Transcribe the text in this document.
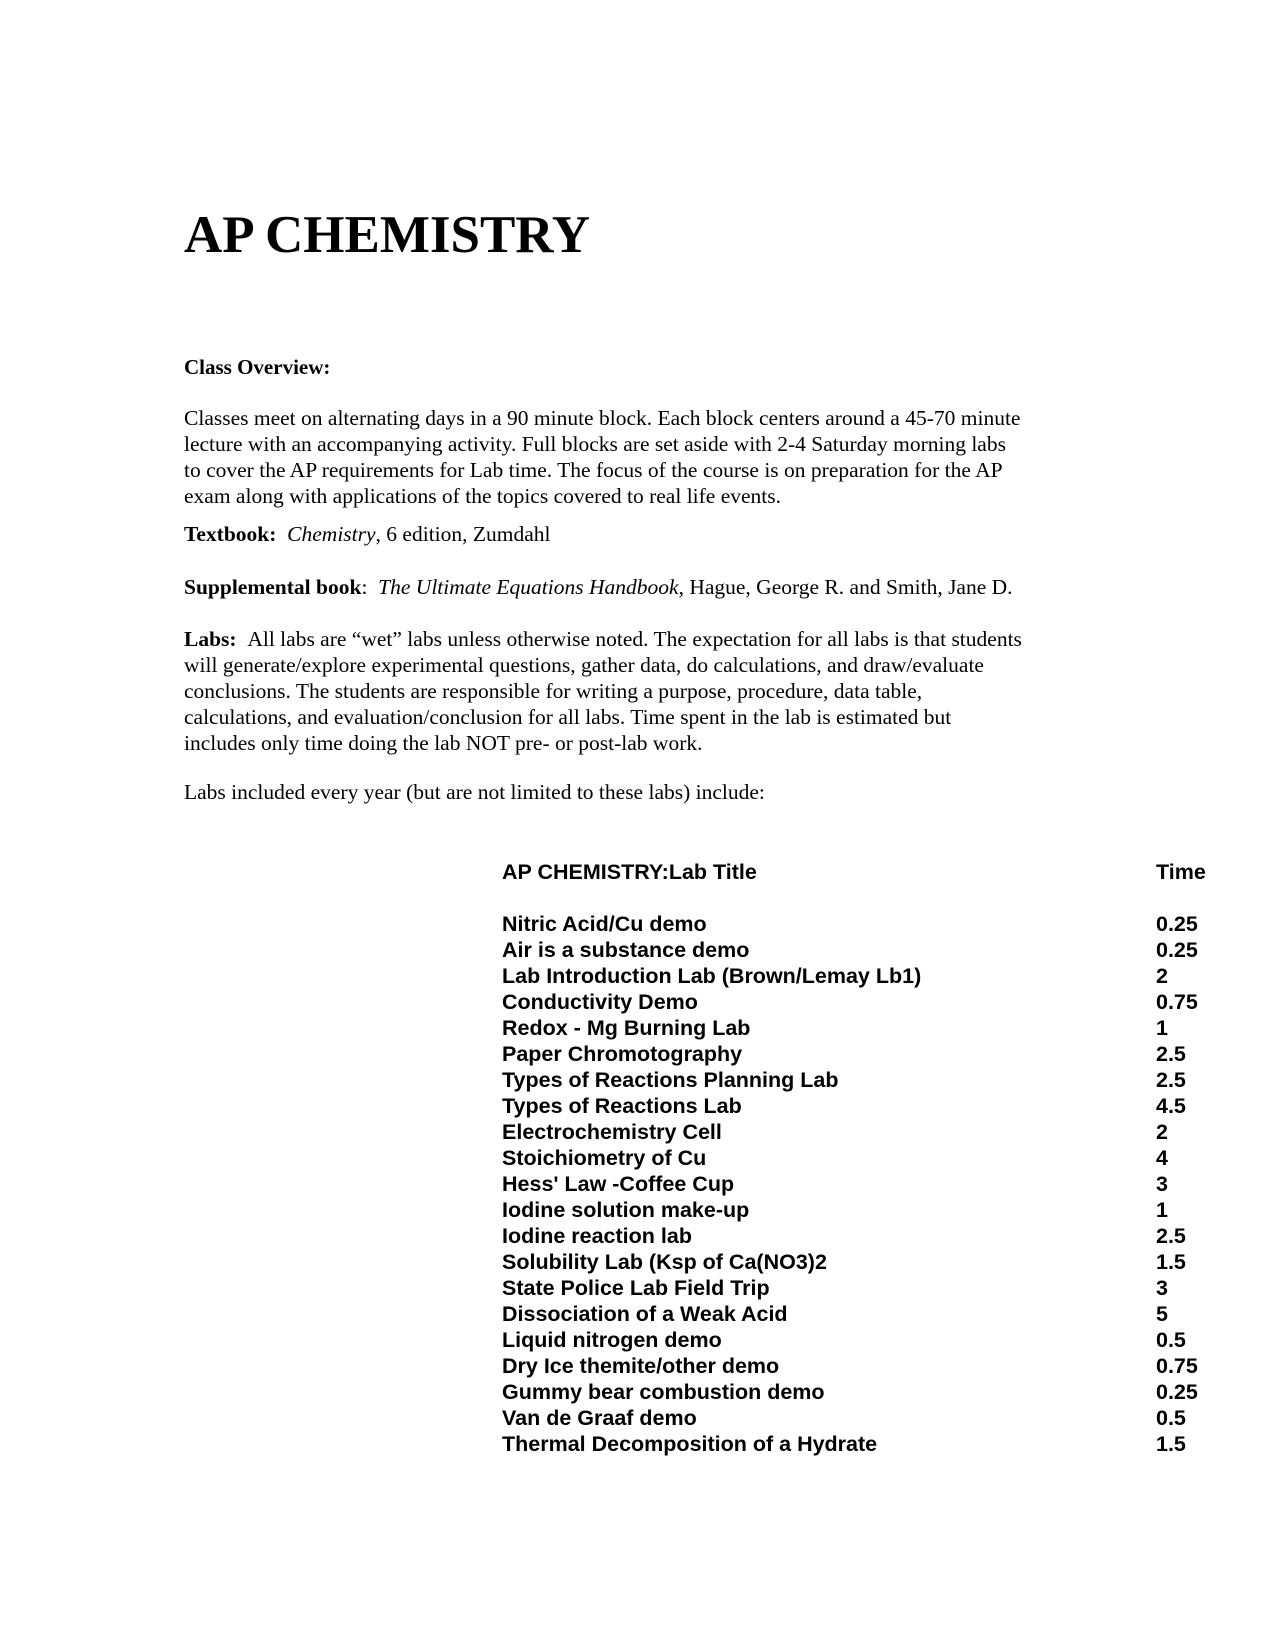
AP CHEMISTRY
Class Overview:

Classes meet on alternating days in a 90 minute block. Each block centers around a 45-70 minute
lecture with an accompanying activity. Full blocks are set aside with 2-4 Saturday morning labs
to cover the AP requirements for Lab time. The focus of the course is on preparation for the AP
exam along with applications of the topics covered to real life events.

Textbook: Chemistry, 6 edition, Zumdahl

Supplemental book: The Ultimate Equations Handbook, Hague, George R. and Smith, Jane D.

Labs: All labs are “wet” labs unless otherwise noted. The expectation for all labs is that students
will generate/explore experimental questions, gather data, do calculations, and draw/evaluate
conclusions. The students are responsible for writing a purpose, procedure, data table,
calculations, and evaluation/conclusion for all labs. Time spent in the lab is estimated but
includes only time doing the lab NOT pre- or post-lab work.

Labs included every year (but are not limited to these labs) include:

AP CHEMISTRY:Lab Title	Time
Nitric Acid/Cu demo	0.25
Air is a substance demo	0.25
Lab Introduction Lab (Brown/Lemay Lb1)	2
Conductivity Demo	0.75
Redox - Mg Burning Lab	1
Paper Chromotography	2.5
Types of Reactions Planning Lab	2.5
Types of Reactions Lab	4.5
Electrochemistry Cell	2
Stoichiometry of Cu	4
Hess' Law -Coffee Cup	3
Iodine solution make-up	1
Iodine reaction lab	2.5
Solubility Lab (Ksp of Ca(NO3)2	1.5
State Police Lab Field Trip	3
Dissociation of a Weak Acid	5
Liquid nitrogen demo	0.5
Dry Ice themite/other demo	0.75
Gummy bear combustion demo	0.25
Van de Graaf demo	0.5
Thermal Decomposition of a Hydrate	1.5
